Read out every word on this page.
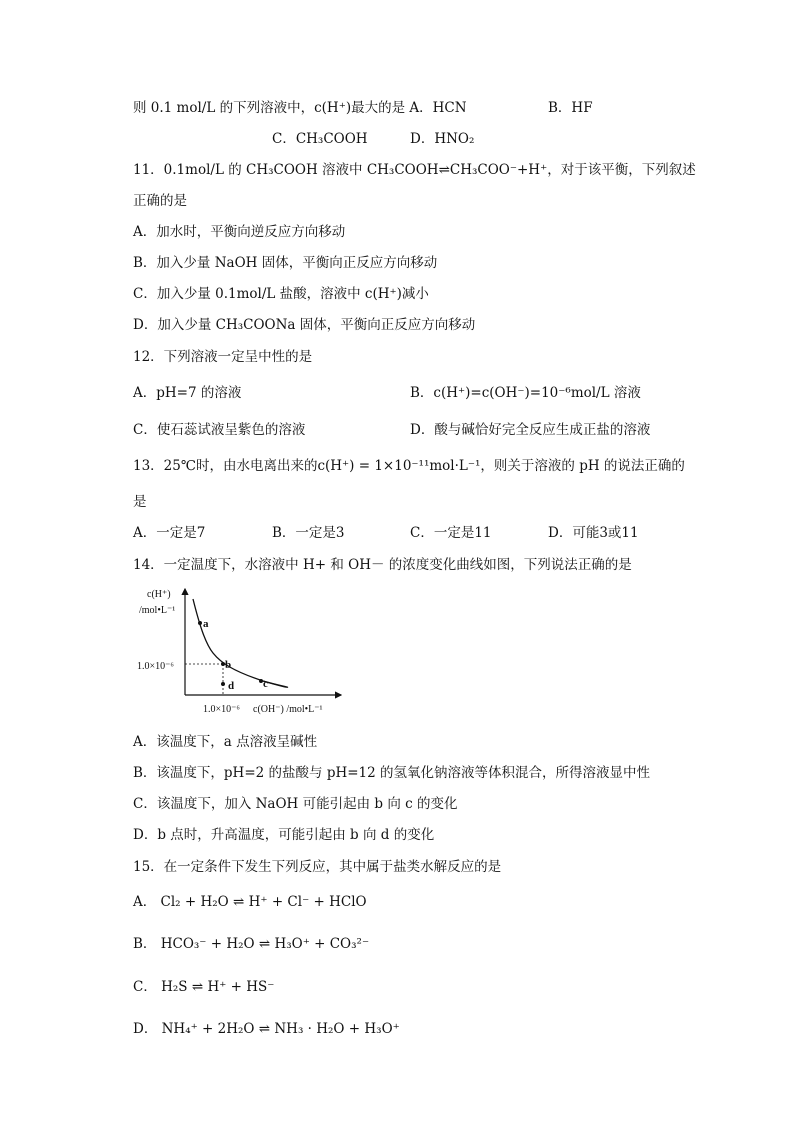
则 0.1 mol/L 的下列溶液中，c(H⁺)最大的是 A．HCN	B．HF
C．CH₃COOH	D．HNO₂
11．0.1mol/L 的 CH₃COOH 溶液中 CH₃COOH⇌CH₃COO⁻+H⁺，对于该平衡，下列叙述
正确的是
A．加水时，平衡向逆反应方向移动
B．加入少量 NaOH 固体，平衡向正反应方向移动
C．加入少量 0.1mol/L 盐酸，溶液中 c(H⁺)减小
D．加入少量 CH₃COONa 固体，平衡向正反应方向移动
12．下列溶液一定呈中性的是
A．pH=7 的溶液	B．c(H⁺)=c(OH⁻)=10⁻⁶mol/L 溶液
C．使石蕊试液呈紫色的溶液	D．酸与碱恰好完全反应生成正盐的溶液
13．25℃时，由水电离出来的c(H⁺) = 1×10⁻¹¹mol·L⁻¹，则关于溶液的 pH 的说法正确的
是
A．一定是7	B．一定是3	C．一定是11	D．可能3或11
14．一定温度下，水溶液中 H+ 和 OH－ 的浓度变化曲线如图，下列说法正确的是
c(H⁺)
/mol•L⁻¹
1.0×10⁻⁶
1.0×10⁻⁶ c(OH⁻) /mol•L⁻¹
a
b
c
d
A．该温度下，a 点溶液呈碱性
B．该温度下，pH=2 的盐酸与 pH=12 的氢氧化钠溶液等体积混合，所得溶液显中性
C．该温度下，加入 NaOH 可能引起由 b 向 c 的变化
D．b 点时，升高温度，可能引起由 b 向 d 的变化
15．在一定条件下发生下列反应，其中属于盐类水解反应的是
A． Cl₂ + H₂O ⇌ H⁺ + Cl⁻ + HClO
B． HCO₃⁻ + H₂O ⇌ H₃O⁺ + CO₃²⁻
C． H₂S ⇌ H⁺ + HS⁻
D． NH₄⁺ + 2H₂O ⇌ NH₃ · H₂O + H₃O⁺
